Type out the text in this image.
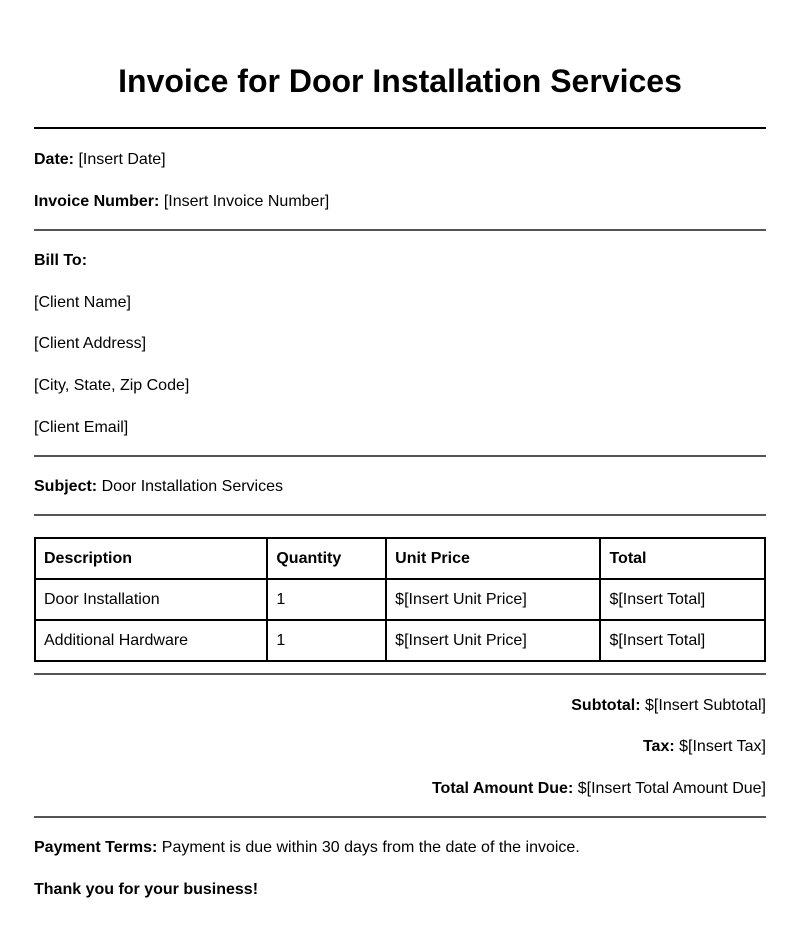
Invoice for Door Installation Services
Date: [Insert Date]
Invoice Number: [Insert Invoice Number]
Bill To:
[Client Name]
[Client Address]
[City, State, Zip Code]
[Client Email]
Subject: Door Installation Services
Description	Quantity	Unit Price	Total
Door Installation	1	$[Insert Unit Price]	$[Insert Total]
Additional Hardware	1	$[Insert Unit Price]	$[Insert Total]
Subtotal: $[Insert Subtotal]
Tax: $[Insert Tax]
Total Amount Due: $[Insert Total Amount Due]
Payment Terms: Payment is due within 30 days from the date of the invoice.
Thank you for your business!
